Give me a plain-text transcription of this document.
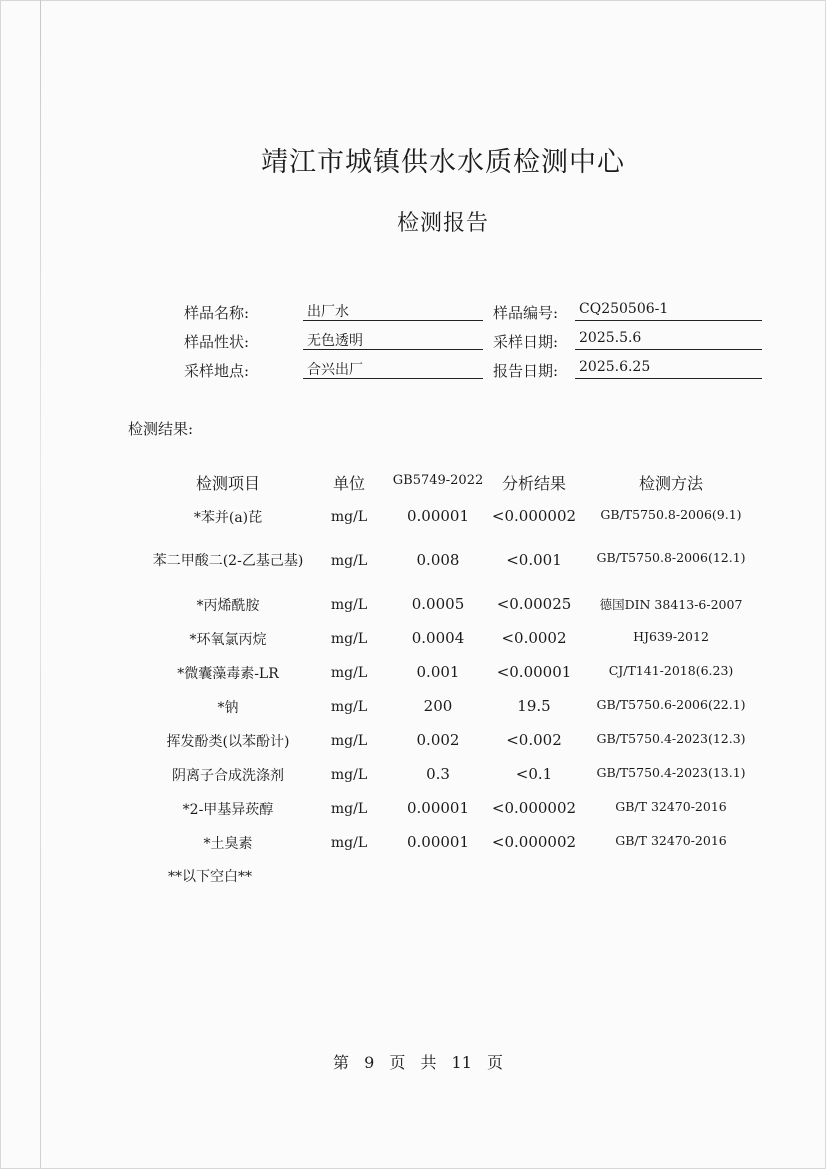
靖江市城镇供水水质检测中心
检测报告
样品名称:	出厂水	样品编号:	CQ250506-1
样品性状:	无色透明	采样日期:	2025.5.6
采样地点:	合兴出厂	报告日期:	2025.6.25
检测结果:
检测项目	单位	GB5749-2022	分析结果	检测方法
*苯并(a)芘	mg/L	0.00001	<0.000002	GB/T5750.8-2006(9.1)
苯二甲酸二(2-乙基己基)	mg/L	0.008	<0.001	GB/T5750.8-2006(12.1)
*丙烯酰胺	mg/L	0.0005	<0.00025	德国DIN 38413-6-2007
*环氧氯丙烷	mg/L	0.0004	<0.0002	HJ639-2012
*微囊藻毒素-LR	mg/L	0.001	<0.00001	CJ/T141-2018(6.23)
*钠	mg/L	200	19.5	GB/T5750.6-2006(22.1)
挥发酚类(以苯酚计)	mg/L	0.002	<0.002	GB/T5750.4-2023(12.3)
阴离子合成洗涤剂	mg/L	0.3	<0.1	GB/T5750.4-2023(13.1)
*2-甲基异莰醇	mg/L	0.00001	<0.000002	GB/T 32470-2016
*土臭素	mg/L	0.00001	<0.000002	GB/T 32470-2016
**以下空白**
第 9 页 共 11 页
